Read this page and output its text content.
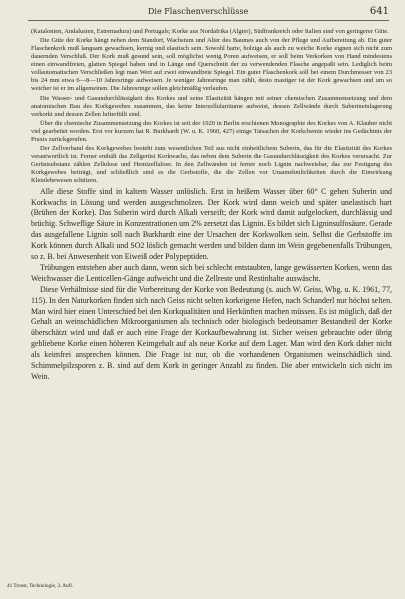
Die Flaschenverschlüsse	641

(Katalonien, Andalusien, Estremadura) und Portugals; Korke aus Nordafrika (Algier), Südfrankreich oder Italien sind von geringerer Güte.

Die Güte der Korke hängt neben dem Standort, Wachstum und Alter des Baumes auch von der Pflege und Aufbereitung ab. Ein guter Flaschenkork muß langsam gewachsen, kernig und elastisch sein. Sowohl harte, holzige als auch zu weiche Korke eignen sich nicht zum dauernden Verschluß. Der Kork muß gesund sein, soll möglichst wenig Poren aufweisen, er soll beim Verkorken von Hand mindestens einen einwandfreien, glatten Spiegel haben und in Länge und Querschnitt der zu verwendenden Flasche angepaßt sein. Lediglich beim vollautomatischen Verschließen legt man Wert auf zwei einwandfreie Spiegel. Ein guter Flaschenkork soll bei einem Durchmesser von 23 bis 24 mm etwa 6—8—10 Jahresringe aufweisen. Je weniger Jahresringe man zählt, desto mastiger ist der Kork gewachsen und um so weicher ist er im allgemeinen. Die Jahresringe sollen gleichmäßig verlaufen.

Die Wasser- und Gasundurchlässigkeit des Korkes und seine Elastizität hängen mit seiner chemischen Zusammensetzung und dem anatomischen Bau des Korkgewebes zusammen, das keine Interzellularräume aufweist, dessen Zellwände durch Suberineinlagerung verkorkt und dessen Zellen lufterfüllt sind.

Über die chemische Zusammensetzung des Korkes ist seit der 1920 in Berlin erschienen Monographie des Korkes von A. Klauber nicht viel gearbeitet worden. Erst vor kurzem hat R. Burkhardt (W. u. K. 1960, 427) einige Tatsachen der Korkchemie wieder ins Gedächtnis der Praxis zurückgerufen.

Der Zellverband des Korkgewebes besteht zum wesentlichen Teil aus nicht einheitlichem Suberin, das für die Elastizität des Korkes verantwortlich ist. Ferner enthält das Zellgerüst Korkwachs, das neben dem Suberin die Gasundurchlässigkeit des Korkes verursacht. Zur Gerüstsubstanz zählen Zellulose und Hemizellulose. In den Zellwänden ist ferner noch Lignin nachweisbar, das zur Festigung des Korkgewebes beiträgt, und schließlich sind es die Gerbstoffe, die die Zellen vor Unannehmlichkeiten durch die Einwirkung Kleinlebewesen schützen.

Alle diese Stoffe sind in kaltem Wasser unlöslich. Erst in heißem Wasser über 60° C gehen Suberin und Korkwachs in Lösung und werden ausgeschmolzen. Der Kork wird dann weich und später unelastisch hart (Brühen der Korke). Das Suberin wird durch Alkali verseift; der Kork wird damit aufgelockert, durchlässig und brüchig. Schweflige Säure in Konzentrationen um 2% zersetzt das Lignin. Es bildet sich Ligninsulfosäure. Gerade das ausgefallene Lignin soll nach Burkhardt eine der Ursachen der Korkwolken sein. Selbst die Gerbstoffe im Kork können durch Alkali und SO2 löslich gemacht werden und bilden dann im Wein gegebenenfalls Trübungen, so z. B. bei Anwesenheit von Eiweiß oder Polypeptiden.

Trübungen entstehen aber auch dann, wenn sich bei schlecht entstaubten, lange gewässerten Korken, wenn das Weichwasser die Lenticellen-Gänge aufweicht und die Zellreste und Restinhalte auswäscht.

Diese Verhältnisse sind für die Vorbereitung der Korke von Bedeutung (s. auch W. Geiss, Wbg. u. K. 1961, 77, 115). In den Naturkorken finden sich nach Geiss nicht selten korkeigene Hefen, nach Schanderl nur höchst selten. Man wird hier einen Unterschied bei den Korkqualitäten und Herkünften machen müssen. Es ist möglich, daß der Gehalt an weinschädlichen Mikroorganismen als technisch oder biologisch bedeutsamer Bestandteil der Korke überschätzt wird und daß er auch eine Frage der Korkaufbewahrung ist. Sicher weisen gebrauchte oder übrig gebliebene Korke einen höheren Keimgehalt auf als neue Korke auf dem Lager. Man wird den Kork daher nicht als keimfrei ansprechen können. Die Frage ist nur, ob die vorhandenen Organismen weinschädlich sind. Schimmelpilzsporen z. B. sind auf dem Kork in geringer Anzahl zu finden. Die aber entwickeln sich nicht im Wein.

41 Troost, Technologie, 3. Aufl.
